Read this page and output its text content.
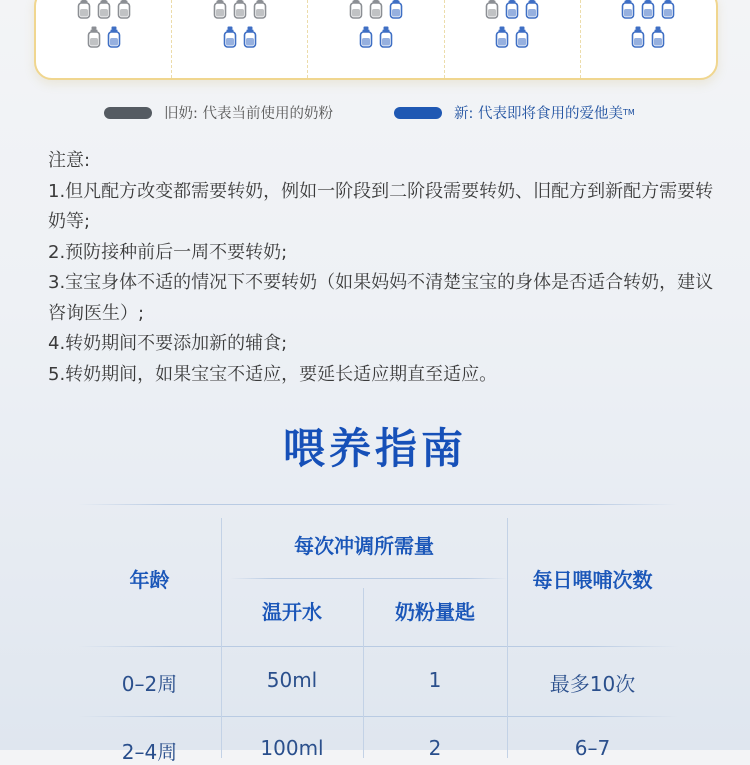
旧奶: 代表当前使用的奶粉	新: 代表即将食用的爱他美 TM

注意:

1.但凡配方改变都需要转奶，例如一阶段到二阶段需要转奶、旧配方到新配方需要转奶等;

2.预防接种前后一周不要转奶;

3.宝宝身体不适的情况下不要转奶（如果妈妈不清楚宝宝的身体是否适合转奶，建议咨询医生）;

4.转奶期间不要添加新的辅食;

5.转奶期间，如果宝宝不适应，要延长适应期直至适应。

喂养指南
年龄
每次冲调所需量
温开水	奶粉量匙
每日喂哺次数
0–2周	50ml	1	最多10次
2–4周	100ml	2	6–7
